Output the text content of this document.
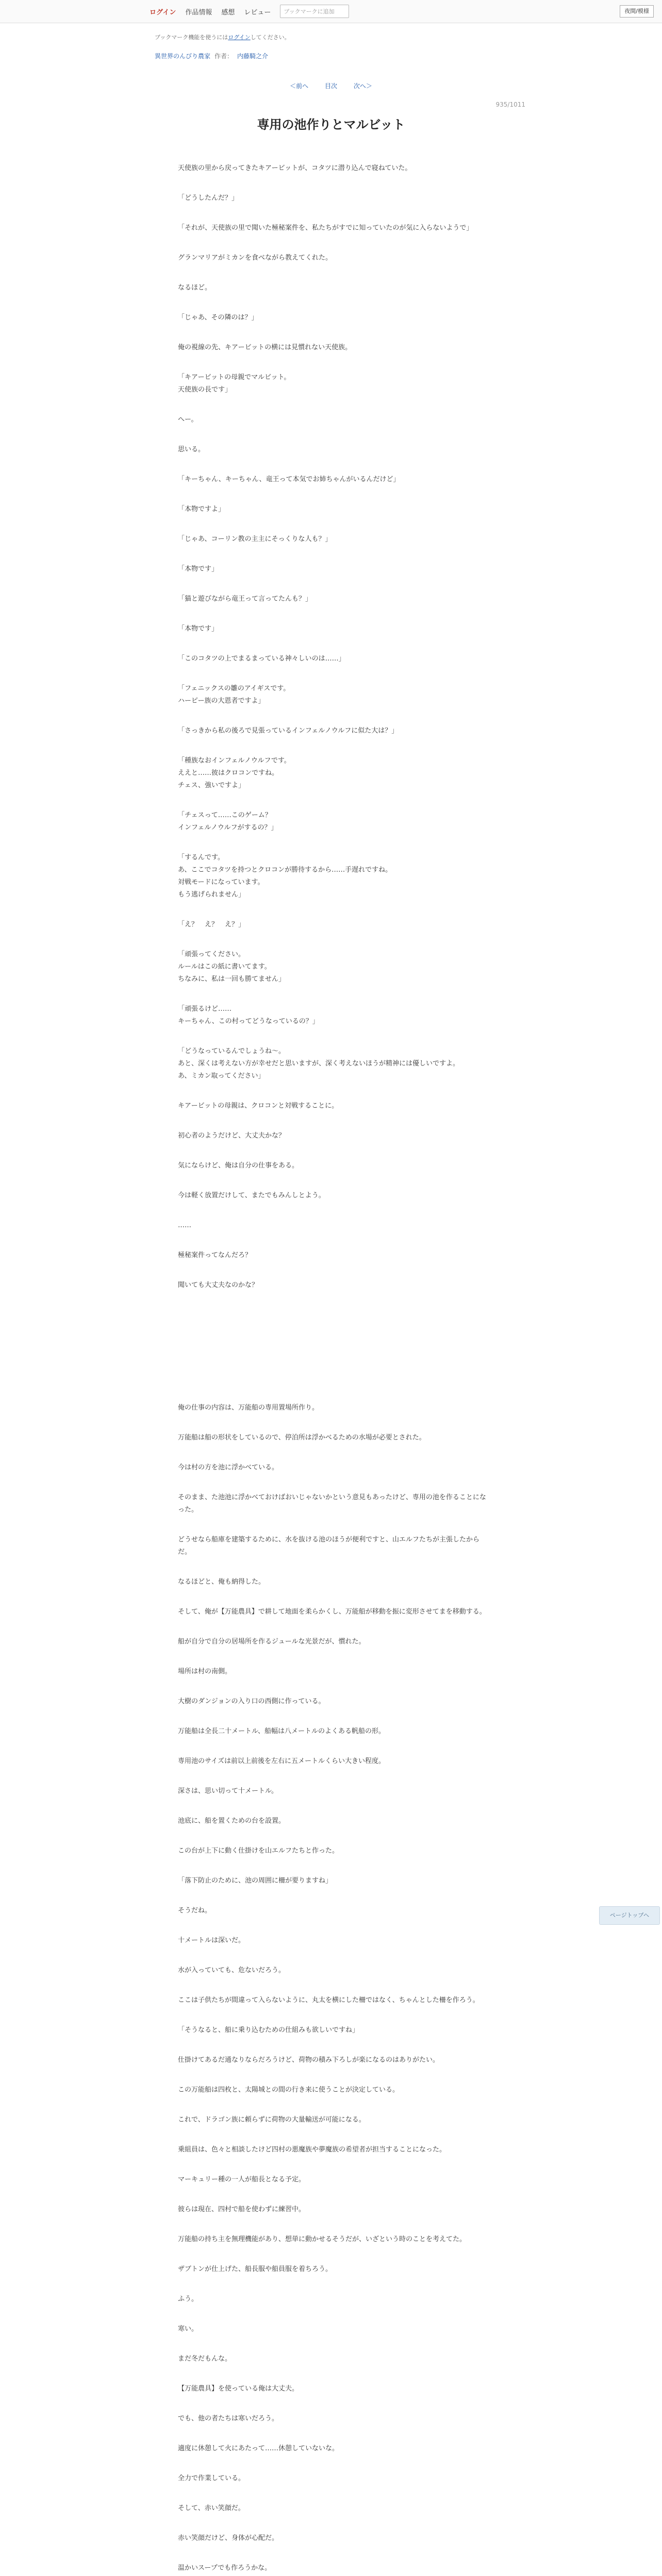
ログイン 作品情報 感想 レビュー
ブックマークに追加	夜間/模様
ブックマーク機能を使うにはログインしてください。
異世界のんびり農家 作者： 内藤騎之介
＜前へ	目次	次へ＞
935/1011
専用の池作りとマルビット

天使族の里から戻ってきたキアービットが、コタツに潜り込んで寝ねていた。

「どうしたんだ？」

「それが、天使族の里で聞いた極秘案件を、私たちがすでに知っていたのが気に入らないようで」

グランマリアがミカンを食べながら教えてくれた。

なるほど。

「じゃあ、その隣のは？」

俺の視線の先、キアービットの横には見慣れない天使族。

「キアービットの母親でマルビット。
天使族の長です」

へー。

思いる。

「キーちゃん、キーちゃん、竜王って本気でお姉ちゃんがいるんだけど」

「本物ですよ」

「じゃあ、コーリン教の主主にそっくりな人も？」

「本物です」

「猫と遊びながら竜王って言ってたんも？」

「本物です」

「このコタツの上でまるまっている神々しいのは……」

「フェニックスの雛のアイギスです。
ハーピー族の大恩者ですよ」

「さっきから私の後ろで見張っているインフェルノウルフに似た大は？」

「種族なおインフェルノウルフです。
ええと……彼はクロコンですね。
チェス、強いですよ」

「チェスって……このゲーム？
インフェルノウルフがするの？」

「するんです。
あ、ここでコタツを持つとクロコンが勝待するから……手遅れですね。
対戦モードになっています。
もう逃げられません」

「え？　え？　え？」

「頑張ってください。
ルールはこの紙に書いてます。
ちなみに、私は一回も勝てません」

「頑張るけど……
キーちゃん、この村ってどうなっているの？」

「どうなっているんでしょうね～。
あと、深くは考えない方が幸せだと思いますが、深く考えないほうが精神には優しいですよ。
あ、ミカン取ってください」

キアービットの母親は、クロコンと対戦することに。

初心者のようだけど、大丈夫かな？

気にならけど、俺は自分の仕事をある。

今は軽く放置だけして、またでもみんしとよう。

……

極秘案件ってなんだろ？

聞いても大丈夫なのかな？

俺の仕事の内容は、万能船の専用置場所作り。

万能船は船の形状をしているので、停泊所は浮かべるための水場が必要とされた。

今は村の方を池に浮かべている。

そのまま、た池池に浮かべておけばおいじゃないかという意見もあったけど、専用の池を作ることになった。

どうせなら船庫を建築するために、水を抜ける池のほうが便利ですと、山エルフたちが主張したからだ。

なるほどと、俺も納得した。

そして、俺が【万能農具】で耕して地面を柔らかくし、万能船が移動を振に変形させてまを移動する。

船が自分で自分の居場所を作るジュールな光景だが、慣れた。

場所は村の南側。

大樹のダンジョンの入り口の西側に作っている。

万能船は全長二十メートル、船幅は八メートルのよくある帆船の形。

専用池のサイズは前以上前後を左右に五メートルくらい大きい程度。

深さは、思い切って十メートル。

池底に、船を置くための台を設置。

この台が上下に動く仕掛けを山エルフたちと作った。

「落下防止のために、池の周囲に柵が要りますね」

そうだね。

十メートルは深いだ。

水が入っていても、危ないだろう。

ここは子供たちが間違って入らないように、丸太を横にした柵ではなく、ちゃんとした柵を作ろう。

「そうなると、船に乗り込むための仕組みも欲しいですね」

仕掛けてあるだ通なりならだろうけど、荷物の積み下ろしが楽になるのはありがたい。

この万能船は四枚と、太陽城との間の行き来に使うことが決定している。

これで、ドラゴン族に頼らずに荷物の大量輸送が可能になる。

乗組員は、色々と相談したけど四村の悪魔族や夢魔族の希望者が担当することになった。

マーキュリー種の一人が船長となる予定。

彼らは現在、四村で船を使わずに練習中。

万能船の持ち主を無理機能があり、想単に動かせるそうだが、いざという時のことを考えてた。

ザブトンが仕上げた、船長服や船員服を着ちろう。

ふう。

寒い。

まだ冬だもんな。

【万能農具】を使っている俺は大丈夫。

でも、他の者たちは寒いだろう。

適度に休憩して火にあたって……休憩していないな。

全力で作業している。

そして、赤い笑顔だ。

赤い笑顔だけど、身体が心配だ。

温かいスープでも作ろうかな。

ページトップへ
